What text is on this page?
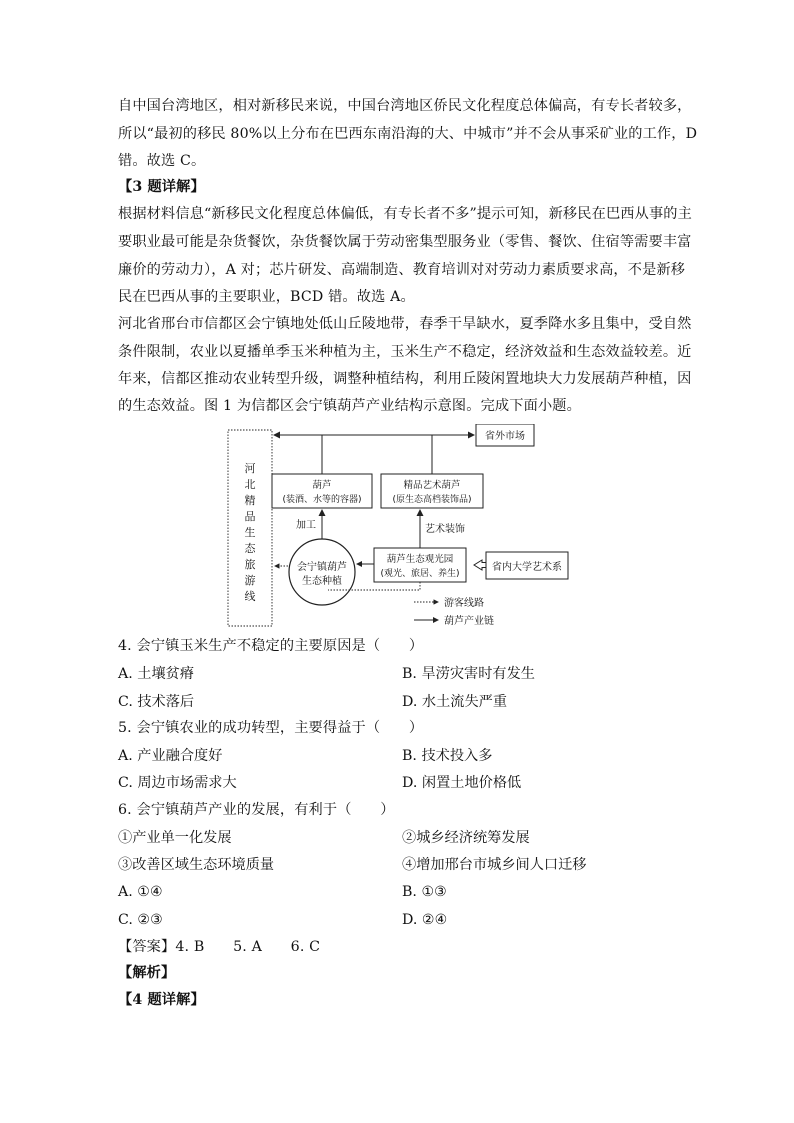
自中国台湾地区，相对新移民来说，中国台湾地区侨民文化程度总体偏高，有专长者较多，
所以“最初的移民 80%以上分布在巴西东南沿海的大、中城市”并不会从事采矿业的工作，D
错。故选 C。
【3 题详解】
根据材料信息“新移民文化程度总体偏低，有专长者不多”提示可知，新移民在巴西从事的主
要职业最可能是杂货餐饮，杂货餐饮属于劳动密集型服务业（零售、餐饮、住宿等需要丰富
廉价的劳动力），A 对；芯片研发、高端制造、教育培训对对劳动力素质要求高，不是新移
民在巴西从事的主要职业，BCD 错。故选 A。
河北省邢台市信都区会宁镇地处低山丘陵地带，春季干旱缺水，夏季降水多且集中，受自然
条件限制，农业以夏播单季玉米种植为主，玉米生产不稳定，经济效益和生态效益较差。近
年来，信都区推动农业转型升级，调整种植结构，利用丘陵闲置地块大力发展葫芦种植，因
的生态效益。图 1 为信都区会宁镇葫芦产业结构示意图。完成下面小题。
河
北
精
品
生
态
旅
游
线
省外市场
葫芦
(装酒、水等的容器)
精品艺术葫芦
(原生态高档装饰品)
加工	艺术装饰
会宁镇葫芦
生态种植
葫芦生态观光园
(观光、旅居、养生)
省内大学艺术系
游客线路
葫芦产业链
4. 会宁镇玉米生产不稳定的主要原因是（　　）
A. 土壤贫瘠	B. 旱涝灾害时有发生
C. 技术落后	D. 水土流失严重
5. 会宁镇农业的成功转型，主要得益于（　　）
A. 产业融合度好	B. 技术投入多
C. 周边市场需求大	D. 闲置土地价格低
6. 会宁镇葫芦产业的发展，有利于（　　）
①产业单一化发展	②城乡经济统筹发展
③改善区域生态环境质量	④增加邢台市城乡间人口迁移
A. ①④	B. ①③
C. ②③	D. ②④
【答案】4. B　　5. A　　6. C
【解析】
【4 题详解】
